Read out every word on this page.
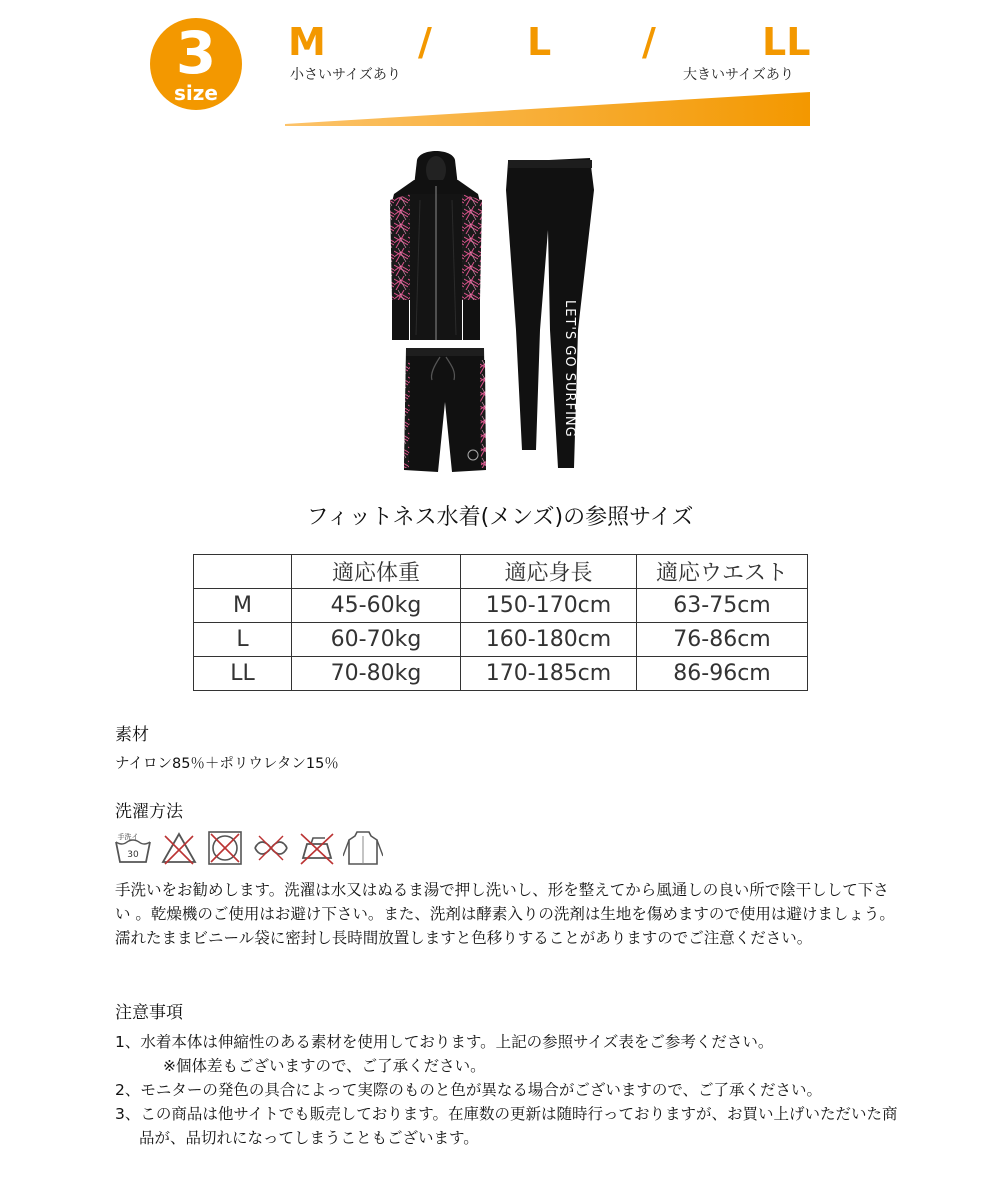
3
size
M /	L /	LL
小さいサイズあり	大きいサイズあり
LET'S GO SURFING
フィットネス水着(メンズ)の参照サイズ
	適応体重	適応身長	適応ウエスト
M	45-60kg	150-170cm	63-75cm
L	60-70kg	160-180cm	76-86cm
LL	70-80kg	170-185cm	86-96cm
素材
ナイロン85％＋ポリウレタン15％
洗濯方法
手洗イ
30
手洗いをお勧めします。洗濯は水又はぬるま湯で押し洗いし、形を整えてから風通しの良い所で陰干しして下さい 。乾燥機のご使用はお避け下さい。また、洗剤は酵素入りの洗剤は生地を傷めますので使用は避けましょう。濡れたままビニール袋に密封し長時間放置しますと色移りすることがありますのでご注意ください。
注意事項
1、水着本体は伸縮性のある素材を使用しております。上記の参照サイズ表をご参考ください。
※個体差もございますので、ご了承ください。
2、モニターの発色の具合によって実際のものと色が異なる場合がございますので、ご了承ください。
3、この商品は他サイトでも販売しております。在庫数の更新は随時行っておりますが、お買い上げいただいた商品が、品切れになってしまうこともございます。
